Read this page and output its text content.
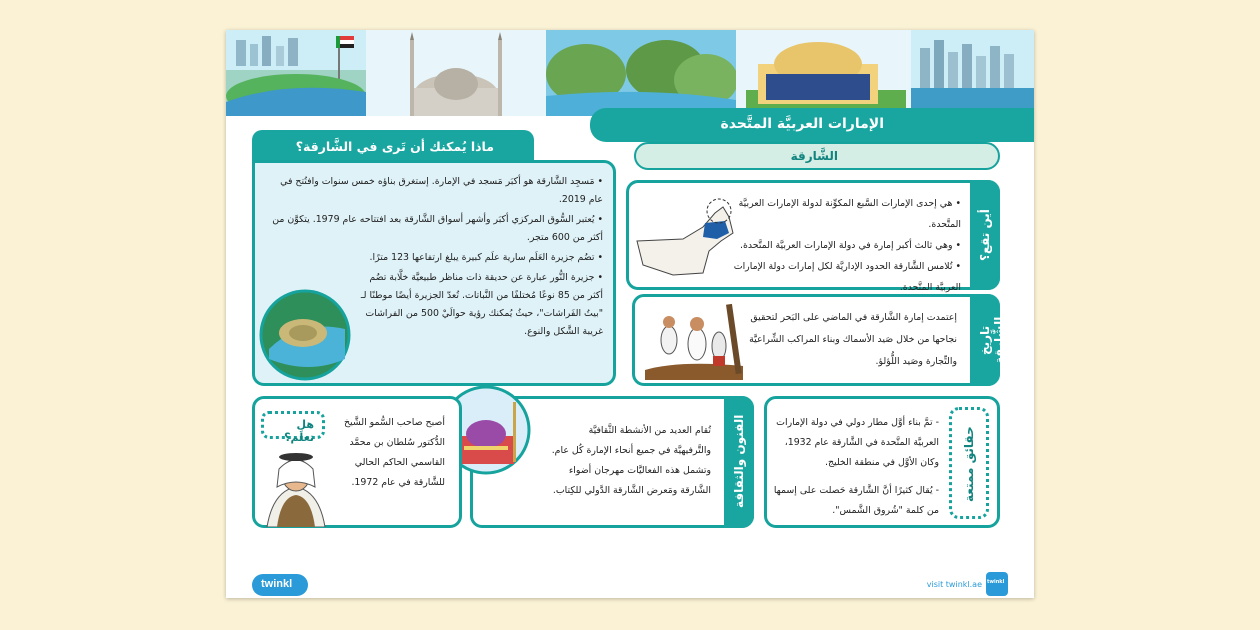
الإمارات العربيَّة المتَّحدة
الشَّارقة
ماذا يُمكنك أن تَرى في الشَّارقة؟
• مَسجِد الشَّارقة هو أكبَر مَسجد في الإمارة. إستغرق بناؤه خمس سنوات وافتُتح في عام 2019.
• يُعتبر السُّوق المركزي أكبَر وأشهر أسواق الشَّارقة بعد افتتاحه عام 1979. يتكوَّن من أكثر من 600 متجر.
• تضُم جزيرة العَلَم سارية علَم كبيرة يبلغ ارتفاعها 123 مترًا.
• جزيرة النُّور عبارة عن حديقة ذات مناظر طبيعيَّة خلَّابة تضُم أكثر من 85 نوعًا مُختلفًا من النَّباتات. تُعدّ الجزيرة أيضًا موطنًا لـ "بيتُ الفَراشات"، حيثُ يُمكنك رؤية حوالَيْ 500 من الفراشات غريبة الشَّكل والنوع.
• هي إحدى الإمارات السَّبع المكوِّنة لدولة الإمارات العربيَّة المتَّحدة.
• وهي ثالث أكبر إمارة في دولة الإمارات العربيَّة المتَّحدة.
• تُلامس الشَّارقة الحدود الإداريَّة لكل إمارات دولة الإمارات العربيَّة المتَّحدة.
أين تقع؟
إعتمدت إمارة الشَّارقة في الماضي على البَحر لتحقيق نجاحها من خلال صَيد الأسماك وبناء المراكب الشِّراعيَّة والتِّجارة وصَيد اللُّؤلؤ.
تاريخ الشَّارقة
- تمَّ بناء أوَّل مطار دولي في دولة الإمارات العربيَّة المتَّحدة في الشَّارقة عام 1932، وكان الأوَّل في منطقة الخليج.
- يُقال كثيرًا أنَّ الشَّارقة حَصلت على إسمها من كلمة "شُروق الشَّمس".
حقائق ممتعة
تُقام العديد من الأنشطة الثَّقافيَّة والتَّرفيهيَّة في جميع أنحاء الإمارة كُل عام. وتشمل هذه الفعاليَّات مهرجان أضواء الشَّارقة ومَعرض الشَّارقة الدَّولي للكِتاب. الفنون والثقافة
أصبح صاحب السُّمو الشَّيخ الدُّكتور سُلطان بن محمَّد القاسمي الحاكم الحالي للشَّارقة في عام 1972.
هل تعلَم؟
twinkl	visit twinkl.ae twinkl
